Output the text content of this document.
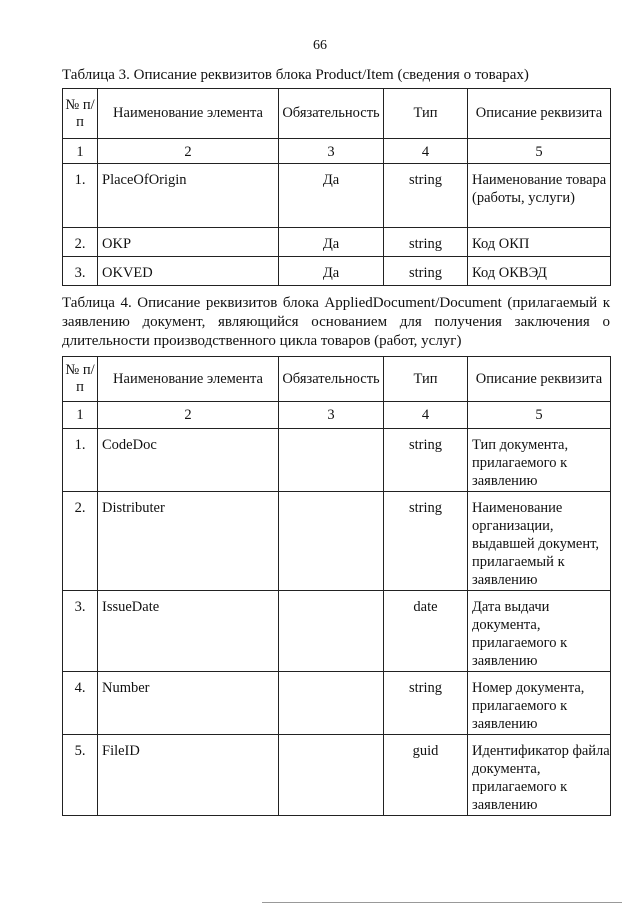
66
Таблица 3. Описание реквизитов блока Product/Item (сведения о товарах)
№ п/п	Наименование элемента	Обязательность	Тип	Описание реквизита
1	2	3	4	5
1.	PlaceOfOrigin	Да	string	Наименование товара (работы, услуги)
2.	OKP	Да	string	Код ОКП
3.	OKVED	Да	string	Код ОКВЭД
Таблица 4. Описание реквизитов блока AppliedDocument/Document (прилагаемый к заявлению документ, являющийся основанием для получения заключения о длительности производственного цикла товаров (работ, услуг)
№ п/п	Наименование элемента	Обязательность	Тип	Описание реквизита
1	2	3	4	5
1.	CodeDoc		string	Тип документа, прилагаемого к заявлению
2.	Distributer		string	Наименование организации, выдавшей документ, прилагаемый к заявлению
3.	IssueDate		date	Дата выдачи документа, прилагаемого к заявлению
4.	Number		string	Номер документа, прилагаемого к заявлению
5.	FileID		guid	Идентификатор файла документа, прилагаемого к заявлению
